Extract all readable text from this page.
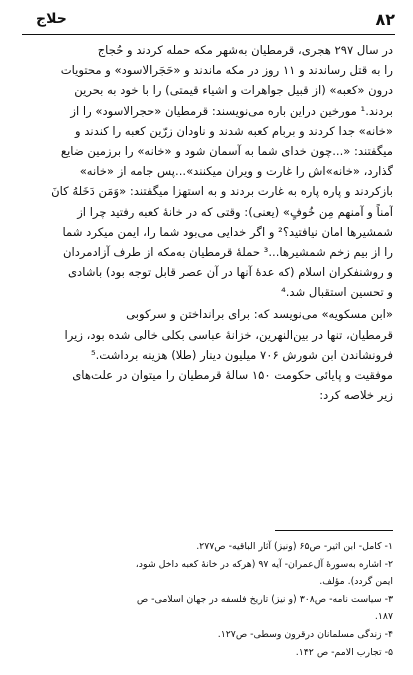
حلاج	۸۲
در سال ۲۹۷ هجری، قرمطیان به‌شهر مکه حمله کردند و حُجاج
را به قتل رساندند و ۱۱ روز در مکه ماندند و «حَجَرالاسود» و محتویات
درون «کعبه» (از قبیل جواهرات و اشیاء قیمتی) را با خود به بحرین
بردند.¹ مورخین دراین باره می‌نویسند: قرمطیان «حجرالاسود» را از
«خانه» جدا کردند و بربام کعبه شدند و ناودان زرّین کعبه را کندند و
میگفتند: «...چون خدای شما به آسمان شود و «خانه» را برزمین ضایع
گذارد، «خانه»اش را غارت و ویران میکنند»...پس جامه از «خانه»
بازکردند و پاره پاره به غارت بردند و به استهزا میگفتند: «وَمَن دَخَلهُ کانَ
آمناً و آمنهم مِن خُوفٍ» (یعنی): وقتی که در خانهٔ کعبه رفتید چرا از
شمشیرها امان نیافتید؟² و اگر خدایی می‌بود شما را، ایمن میکرد شما
را از بیم زخم شمشیرها...³ حملهٔ قرمطیان به‌مکه از طرف آزادمردان
و روشنفکران اسلام (که عدهٔ آنها در آن عصر قابل توجه بود) با‌شادی
و تحسین استقبال شد.⁴
«ابن مسکویه» می‌نویسد که: برای برانداختن و سرکوبی
قرمطیان، تنها در بین‌النهرین، خزانهٔ عباسی بکلی خالی شده بود، زیرا
فرونشاندن ابن شورش ۷۰۶ میلیون دینار (طلا) هزینه برداشت.⁵
موفقیت و پایائی حکومت ۱۵۰ سالهٔ قرمطیان را میتوان در علت‌های
زیر خلاصه کرد:
۱- کامل- ابن اثیر- ص۶۵ (ونیز) آثار الباقیه- ص۲۷۷.
۲- اشاره به‌سورهٔ آل‌عمران- آیه ۹۷ (هرکه در خانهٔ کعبه داخل شود،
ایمن گردد). مؤلف.
۳- سیاست نامه- ص۳۰۸ (و نیز) تاریخ فلسفه در جهان اسلامی- ص
۱۸۷.
۴- زندگی مسلمانان درقرون وسطی- ص۱۲۷.
۵- تجارب الامم- ص ۱۴۲.
